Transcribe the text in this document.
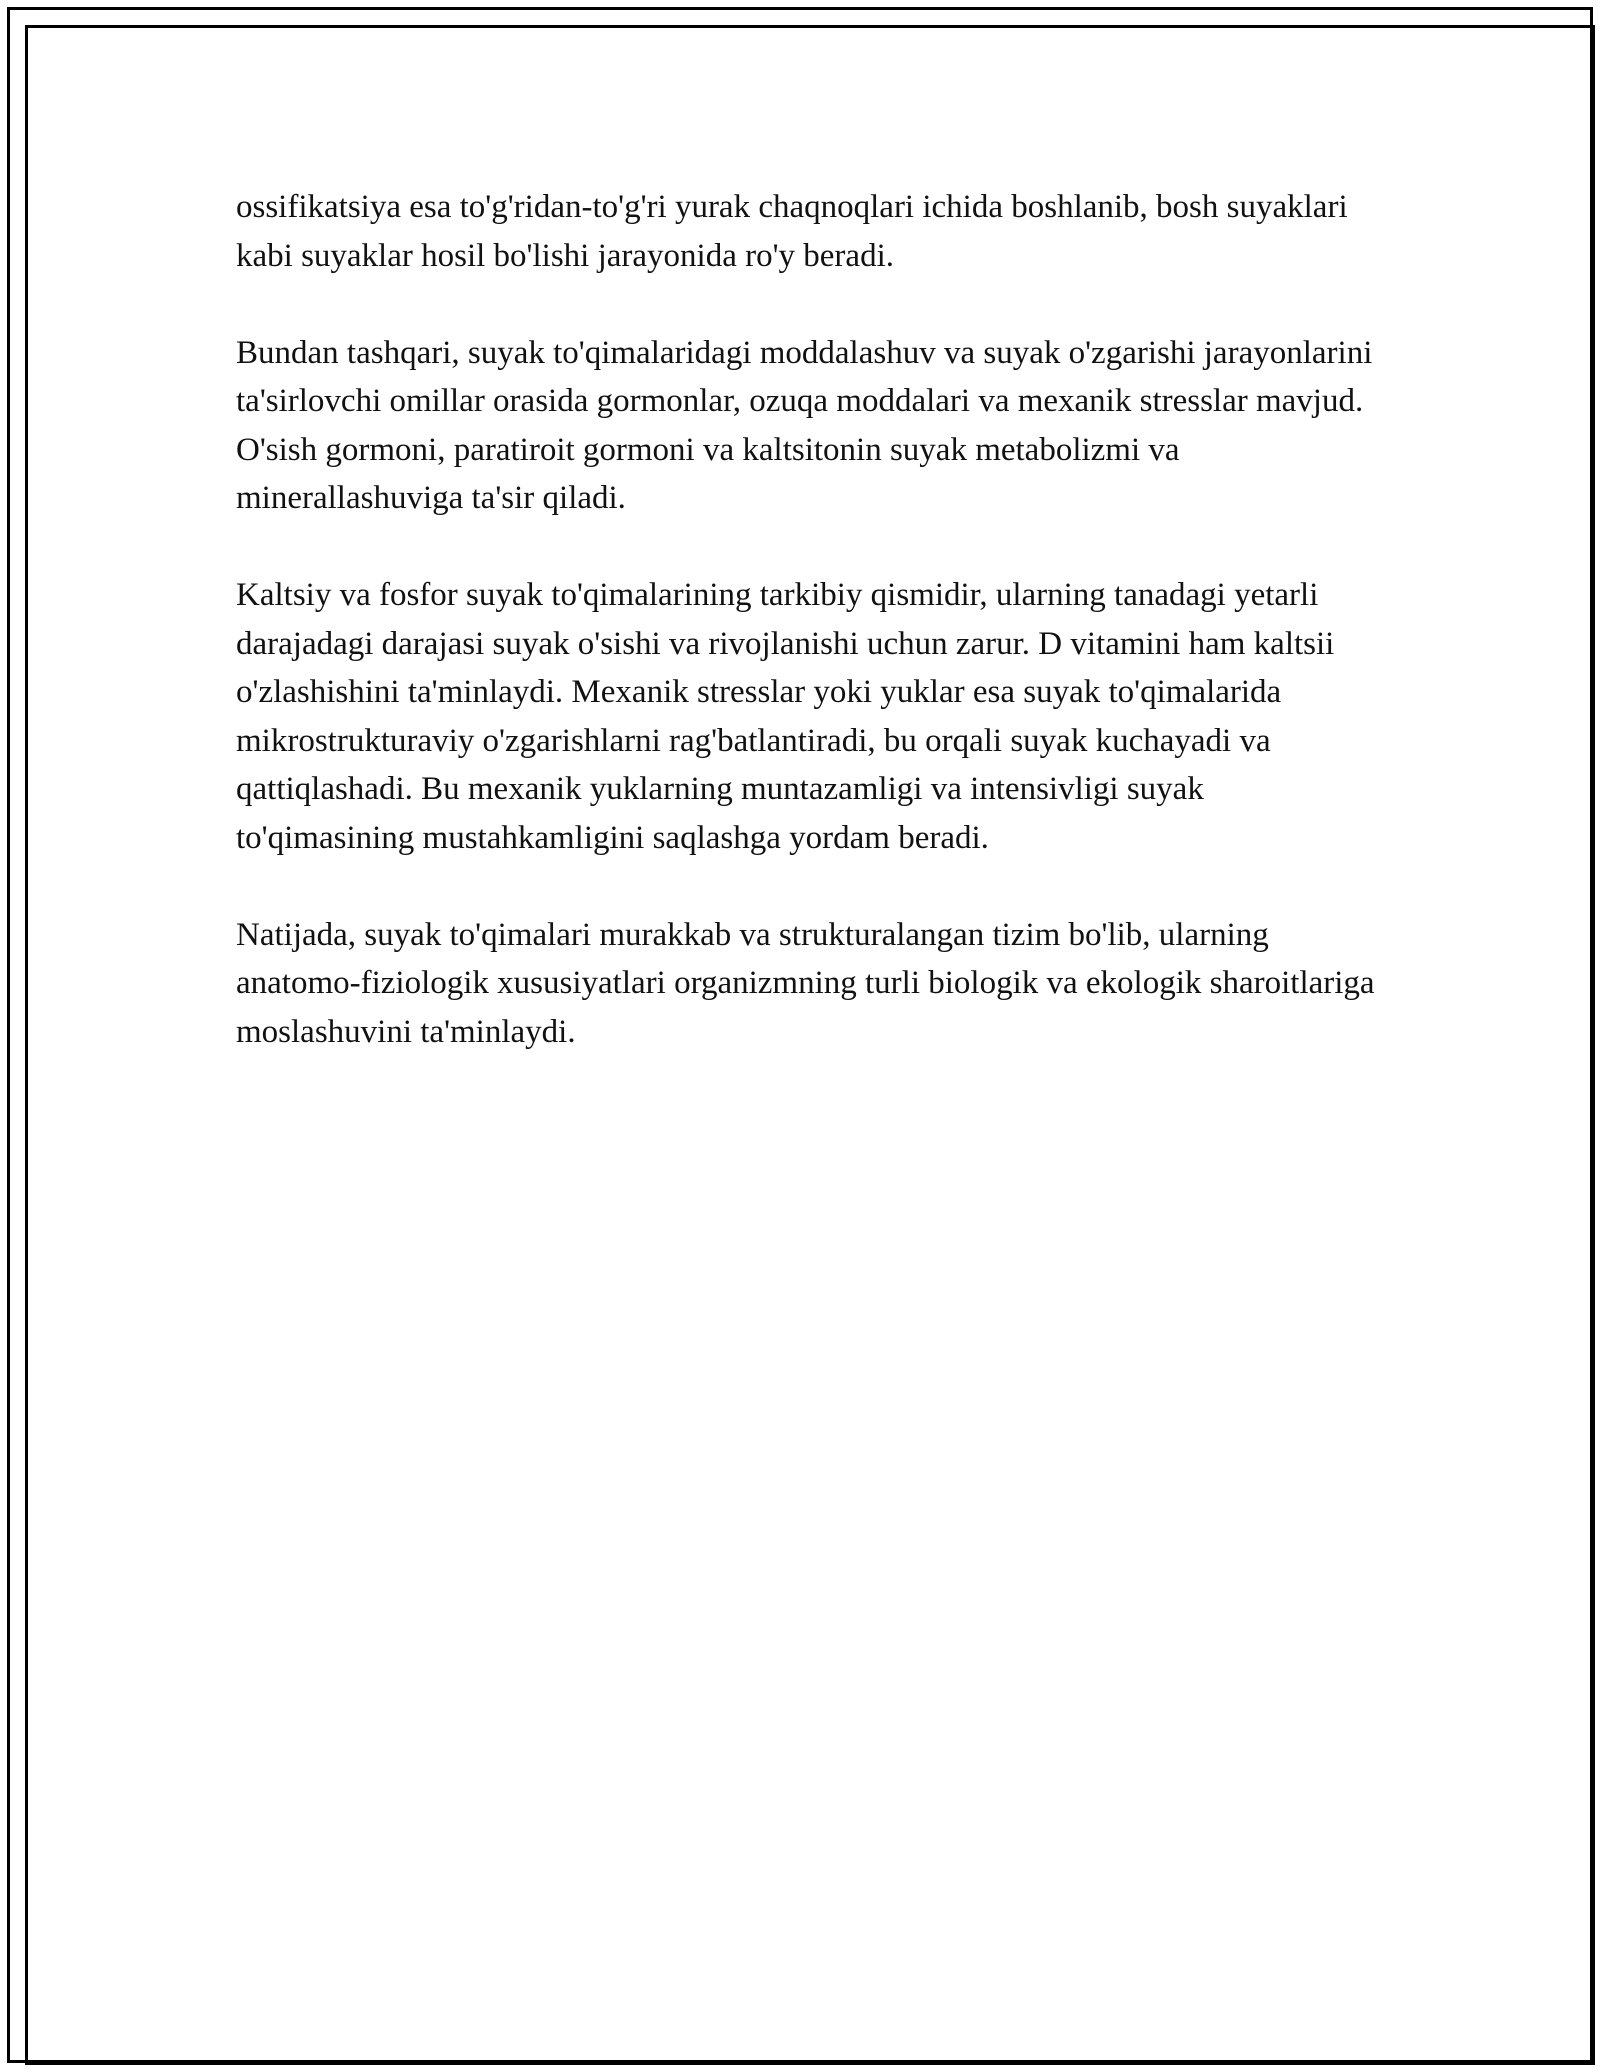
ossifikatsiya esa to'g'ridan-to'g'ri yurak chaqnoqlari ichida boshlanib, bosh suyaklari kabi suyaklar hosil bo'lishi jarayonida ro'y beradi.

Bundan tashqari, suyak to'qimalaridagi moddalashuv va suyak o'zgarishi jarayonlarini ta'sirlovchi omillar orasida gormonlar, ozuqa moddalari va mexanik stresslar mavjud. O'sish gormoni, paratiroit gormoni va kaltsitonin suyak metabolizmi va minerallashuviga ta'sir qiladi.

Kaltsiy va fosfor suyak to'qimalarining tarkibiy qismidir, ularning tanadagi yetarli darajadagi darajasi suyak o'sishi va rivojlanishi uchun zarur. D vitamini ham kaltsii o'zlashishini ta'minlaydi. Mexanik stresslar yoki yuklar esa suyak to'qimalarida mikrostrukturaviy o'zgarishlarni rag'batlantiradi, bu orqali suyak kuchayadi va qattiqlashadi. Bu mexanik yuklarning muntazamligi va intensivligi suyak to'qimasining mustahkamligini saqlashga yordam beradi.

Natijada, suyak to'qimalari murakkab va strukturalangan tizim bo'lib, ularning anatomo-fiziologik xususiyatlari organizmning turli biologik va ekologik sharoitlariga moslashuvini ta'minlaydi.
